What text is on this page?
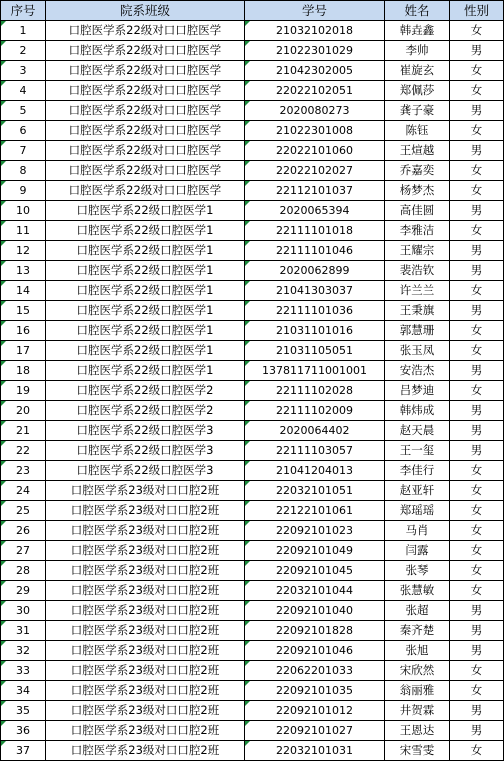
序号	院系班级	学号	姓名	性别
1	口腔医学系22级对口口腔医学	21032102018	韩垚鑫	女
2	口腔医学系22级对口口腔医学	21022301029	李帅	男
3	口腔医学系22级对口口腔医学	21042302005	崔旋玄	女
4	口腔医学系22级对口口腔医学	22022102051	郑佩莎	女
5	口腔医学系22级对口口腔医学	2020080273	龚子豪	男
6	口腔医学系22级对口口腔医学	21022301008	陈钰	女
7	口腔医学系22级对口口腔医学	22022101060	王煊越	男
8	口腔医学系22级对口口腔医学	22022102027	乔嘉奕	女
9	口腔医学系22级对口口腔医学	22112101037	杨梦杰	女
10	口腔医学系22级口腔医学1	2020065394	高佳圆	男
11	口腔医学系22级口腔医学1	22111101018	李雅洁	女
12	口腔医学系22级口腔医学1	22111101046	王耀宗	男
13	口腔医学系22级口腔医学1	2020062899	裴浩钦	男
14	口腔医学系22级口腔医学1	21041303037	许兰兰	女
15	口腔医学系22级口腔医学1	22111101036	王秉旗	男
16	口腔医学系22级口腔医学1	21031101016	郭慧珊	女
17	口腔医学系22级口腔医学1	21031105051	张玉凤	女
18	口腔医学系22级口腔医学1	137811711001001	安浩杰	男
19	口腔医学系22级口腔医学2	22111102028	吕梦迪	女
20	口腔医学系22级口腔医学2	22111102009	韩炜成	男
21	口腔医学系22级口腔医学3	2020064402	赵天晨	男
22	口腔医学系22级口腔医学3	22111103057	王一玺	男
23	口腔医学系22级口腔医学3	21041204013	李佳行	女
24	口腔医学系23级对口口腔2班	22032101051	赵亚轩	女
25	口腔医学系23级对口口腔2班	22122101061	郑瑶瑶	女
26	口腔医学系23级对口口腔2班	22092101023	马肖	女
27	口腔医学系23级对口口腔2班	22092101049	闫露	女
28	口腔医学系23级对口口腔2班	22092101045	张琴	女
29	口腔医学系23级对口口腔2班	22032101044	张慧敏	女
30	口腔医学系23级对口口腔2班	22092101040	张超	男
31	口腔医学系23级对口口腔2班	22092101828	秦齐楚	男
32	口腔医学系23级对口口腔2班	22092101046	张旭	男
33	口腔医学系23级对口口腔2班	22062201033	宋欣然	女
34	口腔医学系23级对口口腔2班	22092101035	翁丽雅	女
35	口腔医学系23级对口口腔2班	22092101012	井贺霖	男
36	口腔医学系23级对口口腔2班	22092101027	王恩达	男
37	口腔医学系23级对口口腔2班	22032101031	宋雪雯	女
